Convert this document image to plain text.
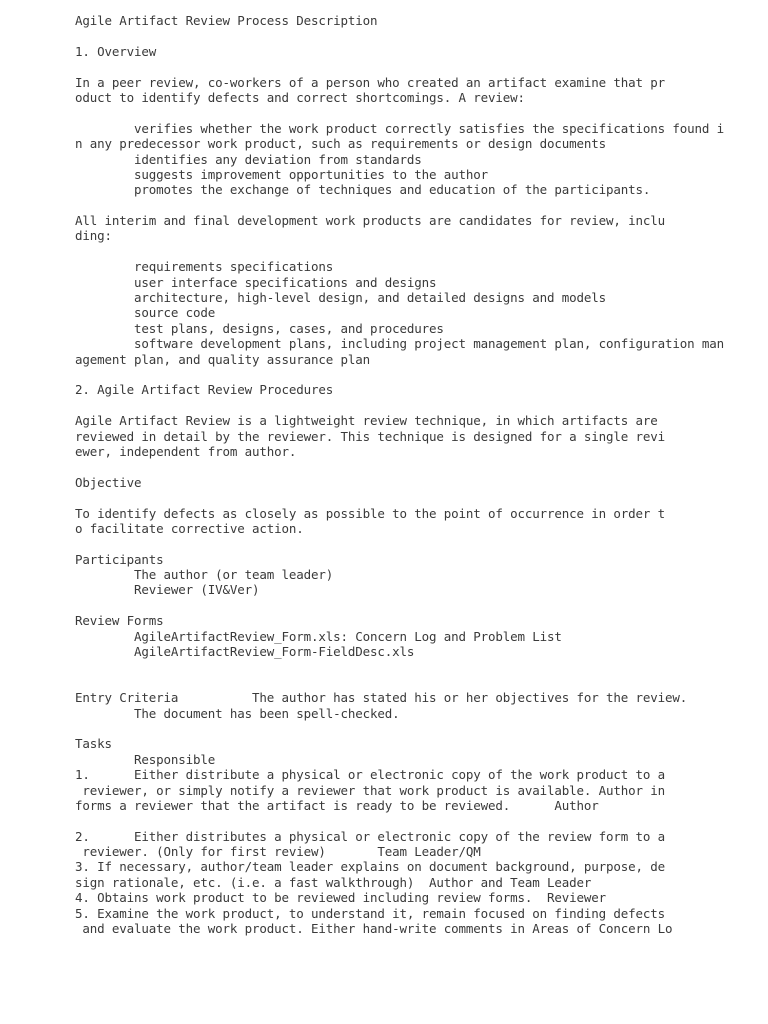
Agile Artifact Review Process Description
1. Overview
In a peer review, co-workers of a person who created an artifact examine that pr
oduct to identify defects and correct shortcomings. A review:
verifies whether the work product correctly satisfies the specifications found i
n any predecessor work product, such as requirements or design documents
identifies any deviation from standards
suggests improvement opportunities to the author
promotes the exchange of techniques and education of the participants.
All interim and final development work products are candidates for review, inclu
ding:
requirements specifications
user interface specifications and designs
architecture, high-level design, and detailed designs and models
source code
test plans, designs, cases, and procedures
software development plans, including project management plan, configuration man
agement plan, and quality assurance plan
2. Agile Artifact Review Procedures
Agile Artifact Review is a lightweight review technique, in which artifacts are
reviewed in detail by the reviewer. This technique is designed for a single revi
ewer, independent from author.
Objective
To identify defects as closely as possible to the point of occurrence in order t
o facilitate corrective action.
Participants
The author (or team leader)
Reviewer (IV&Ver)
Review Forms
AgileArtifactReview_Form.xls: Concern Log and Problem List
AgileArtifactReview_Form-FieldDesc.xls
Entry Criteria          The author has stated his or her objectives for the review.
The document has been spell-checked.
Tasks
Responsible
1.      Either distribute a physical or electronic copy of the work product to a
reviewer, or simply notify a reviewer that work product is available. Author in
forms a reviewer that the artifact is ready to be reviewed.      Author
2.      Either distributes a physical or electronic copy of the review form to a
reviewer. (Only for first review)       Team Leader/QM
3. If necessary, author/team leader explains on document background, purpose, de
sign rationale, etc. (i.e. a fast walkthrough)  Author and Team Leader
4. Obtains work product to be reviewed including review forms.  Reviewer
5. Examine the work product, to understand it, remain focused on finding defects
and evaluate the work product. Either hand-write comments in Areas of Concern Lo
